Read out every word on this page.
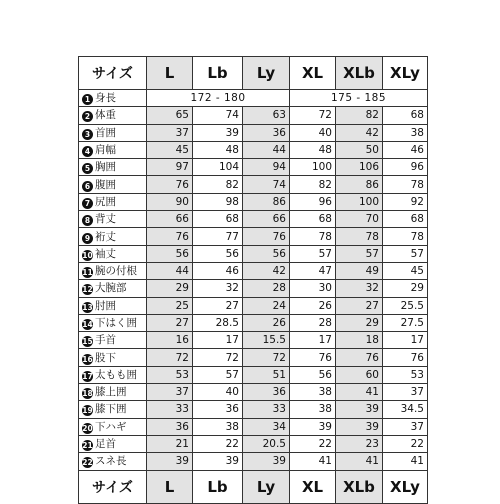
サイズ	L	Lb	Ly	XL	XLb	XLy
1 身長	172 - 180			175 - 185		
2 体重	65	74	63	72	82	68
3 首囲	37	39	36	40	42	38
4 肩幅	45	48	44	48	50	46
5 胸囲	97	104	94	100	106	96
6 腹囲	76	82	74	82	86	78
7 尻囲	90	98	86	96	100	92
8 背丈	66	68	66	68	70	68
9 裄丈	76	77	76	78	78	78
10 袖丈	56	56	56	57	57	57
11 腕の付根	44	46	42	47	49	45
12 大腕部	29	32	28	30	32	29
13 肘囲	25	27	24	26	27	25.5
14 下はく囲	27	28.5	26	28	29	27.5
15 手首	16	17	15.5	17	18	17
16 股下	72	72	72	76	76	76
17 太もも囲	53	57	51	56	60	53
18 膝上囲	37	40	36	38	41	37
19 膝下囲	33	36	33	38	39	34.5
20 下ハギ	36	38	34	39	39	37
21 足首	21	22	20.5	22	23	22
22 スネ長	39	39	39	41	41	41
サイズ	L	Lb	Ly	XL	XLb	XLy
